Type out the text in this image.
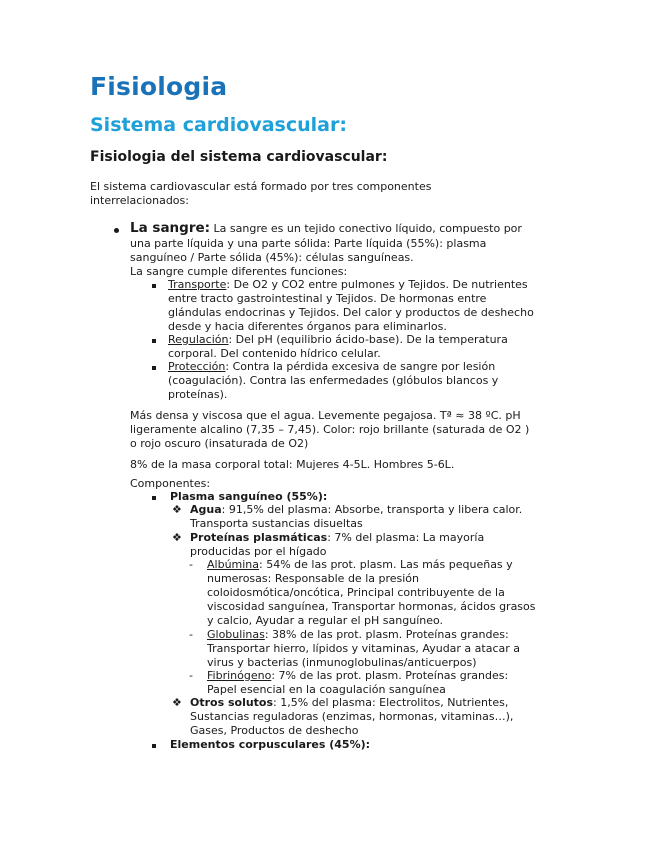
Fisiologia
Sistema cardiovascular:
Fisiologia del sistema cardiovascular:
El sistema cardiovascular está formado por tres componentes
interrelacionados:
La sangre: La sangre es un tejido conectivo líquido, compuesto por
una parte líquida y una parte sólida: Parte líquida (55%): plasma
sanguíneo / Parte sólida (45%): células sanguíneas.
La sangre cumple diferentes funciones:
Transporte: De O2 y CO2 entre pulmones y Tejidos. De nutrientes
entre tracto gastrointestinal y Tejidos. De hormonas entre
glándulas endocrinas y Tejidos. Del calor y productos de deshecho
desde y hacia diferentes órganos para eliminarlos.
Regulación: Del pH (equilibrio ácido-base). De la temperatura
corporal. Del contenido hídrico celular.
Protección: Contra la pérdida excesiva de sangre por lesión
(coagulación). Contra las enfermedades (glóbulos blancos y
proteínas).
Más densa y viscosa que el agua. Levemente pegajosa. Tª ≈ 38 ºC. pH
ligeramente alcalino (7,35 – 7,45). Color: rojo brillante (saturada de O2 )
o rojo oscuro (insaturada de O2)
8% de la masa corporal total: Mujeres 4-5L. Hombres 5-6L.
Componentes:
Plasma sanguíneo (55%):
❖ Agua: 91,5% del plasma: Absorbe, transporta y libera calor.
Transporta sustancias disueltas
❖ Proteínas plasmáticas: 7% del plasma: La mayoría
producidas por el hígado
- Albúmina: 54% de las prot. plasm. Las más pequeñas y
numerosas: Responsable de la presión
coloidosmótica/oncótica, Principal contribuyente de la
viscosidad sanguínea, Transportar hormonas, ácidos grasos
y calcio, Ayudar a regular el pH sanguíneo.
- Globulinas: 38% de las prot. plasm. Proteínas grandes:
Transportar hierro, lípidos y vitaminas, Ayudar a atacar a
virus y bacterias (inmunoglobulinas/anticuerpos)
- Fibrinógeno: 7% de las prot. plasm. Proteínas grandes:
Papel esencial en la coagulación sanguínea
❖ Otros solutos: 1,5% del plasma: Electrolitos, Nutrientes,
Sustancias reguladoras (enzimas, hormonas, vitaminas…),
Gases, Productos de deshecho
Elementos corpusculares (45%):
